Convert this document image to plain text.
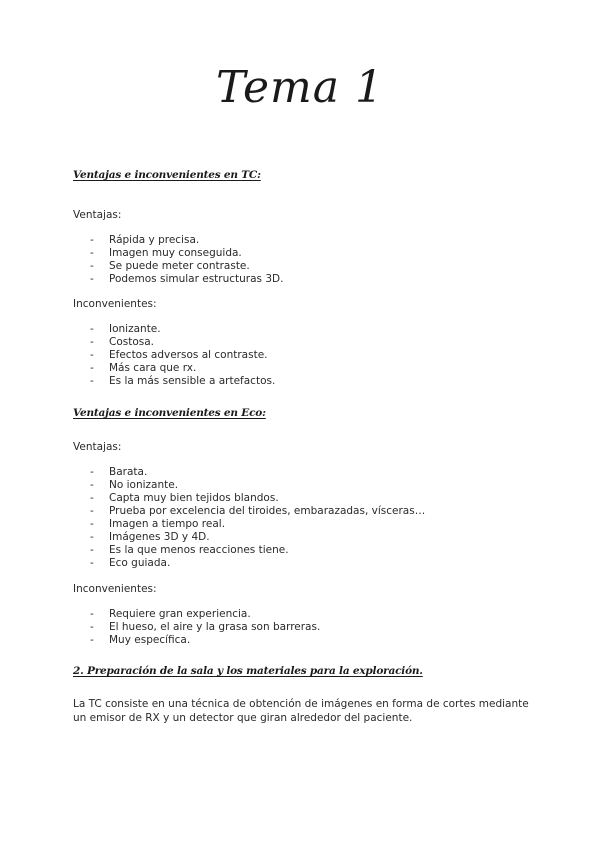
Tema 1
Ventajas e inconvenientes en TC:
Ventajas:
- Rápida y precisa.
- Imagen muy conseguida.
- Se puede meter contraste.
- Podemos simular estructuras 3D.
Inconvenientes:
- Ionizante.
- Costosa.
- Efectos adversos al contraste.
- Más cara que rx.
- Es la más sensible a artefactos.
Ventajas e inconvenientes en Eco:
Ventajas:
- Barata.
- No ionizante.
- Capta muy bien tejidos blandos.
- Prueba por excelencia del tiroides, embarazadas, vísceras…
- Imagen a tiempo real.
- Imágenes 3D y 4D.
- Es la que menos reacciones tiene.
- Eco guiada.
Inconvenientes:
- Requiere gran experiencia.
- El hueso, el aire y la grasa son barreras.
- Muy específica.
2. Preparación de la sala y los materiales para la exploración.

La TC consiste en una técnica de obtención de imágenes en forma de cortes mediante un emisor de RX y un detector que giran alrededor del paciente.
